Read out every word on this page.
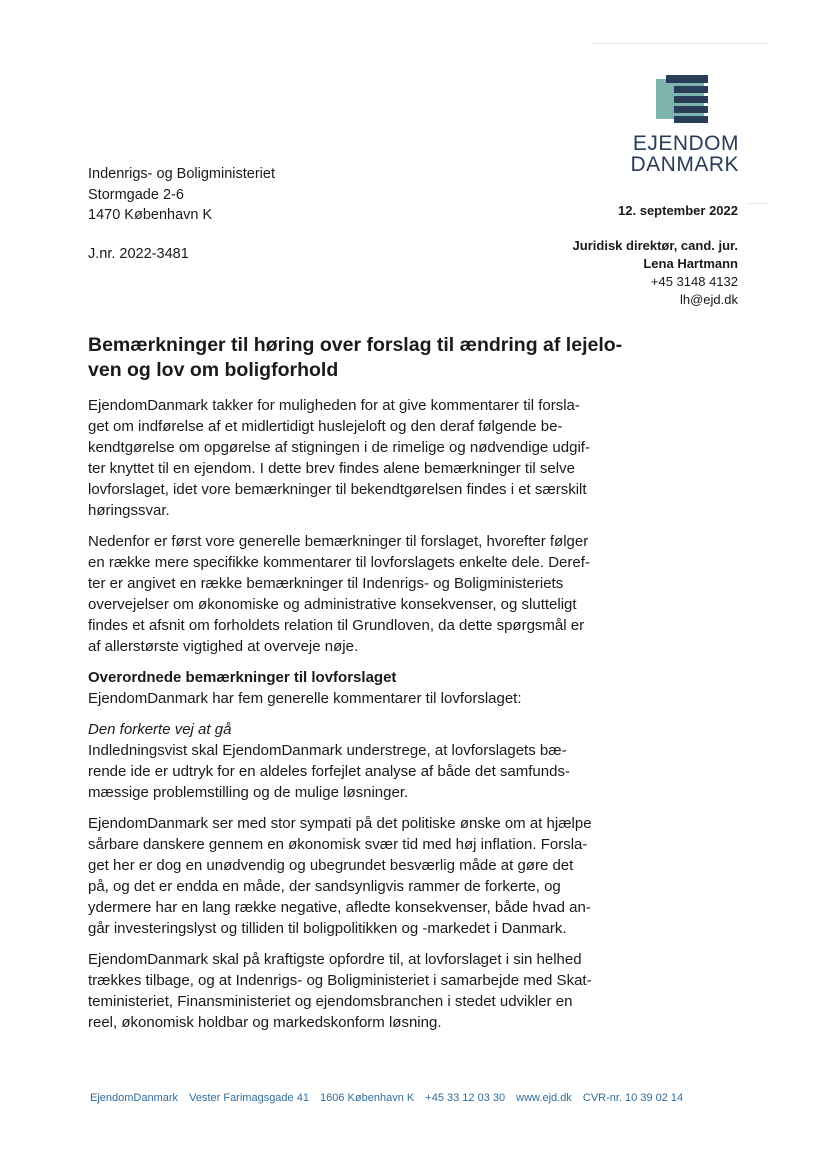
EJENDOM
DANMARK
Indenrigs- og Boligministeriet
Stormgade 2-6
1470 København K
J.nr. 2022-3481
12. september 2022
Juridisk direktør, cand. jur.
Lena Hartmann
+45 3148 4132
lh@ejd.dk
Bemærkninger til høring over forslag til ændring af lejelo-
ven og lov om boligforhold

EjendomDanmark takker for muligheden for at give kommentarer til forsla-
get om indførelse af et midlertidigt huslejeloft og den deraf følgende be-
kendtgørelse om opgørelse af stigningen i de rimelige og nødvendige udgif-
ter knyttet til en ejendom. I dette brev findes alene bemærkninger til selve
lovforslaget, idet vore bemærkninger til bekendtgørelsen findes i et særskilt
høringssvar.

Nedenfor er først vore generelle bemærkninger til forslaget, hvorefter følger
en række mere specifikke kommentarer til lovforslagets enkelte dele. Deref-
ter er angivet en række bemærkninger til Indenrigs- og Boligministeriets
overvejelser om økonomiske og administrative konsekvenser, og slutteligt
findes et afsnit om forholdets relation til Grundloven, da dette spørgsmål er
af allerstørste vigtighed at overveje nøje.

Overordnede bemærkninger til lovforslaget
EjendomDanmark har fem generelle kommentarer til lovforslaget:

Den forkerte vej at gå
Indledningsvist skal EjendomDanmark understrege, at lovforslagets bæ-
rende ide er udtryk for en aldeles forfejlet analyse af både det samfunds-
mæssige problemstilling og de mulige løsninger.

EjendomDanmark ser med stor sympati på det politiske ønske om at hjælpe
sårbare danskere gennem en økonomisk svær tid med høj inflation. Forsla-
get her er dog en unødvendig og ubegrundet besværlig måde at gøre det
på, og det er endda en måde, der sandsynligvis rammer de forkerte, og
ydermere har en lang række negative, afledte konsekvenser, både hvad an-
går investeringslyst og tilliden til boligpolitikken og -markedet i Danmark.

EjendomDanmark skal på kraftigste opfordre til, at lovforslaget i sin helhed
trækkes tilbage, og at Indenrigs- og Boligministeriet i samarbejde med Skat-
teministeriet, Finansministeriet og ejendomsbranchen i stedet udvikler en
reel, økonomisk holdbar og markedskonform løsning.

EjendomDanmark Vester Farimagsgade 41 1606 København K +45 33 12 03 30 www.ejd.dk CVR-nr. 10 39 02 14
